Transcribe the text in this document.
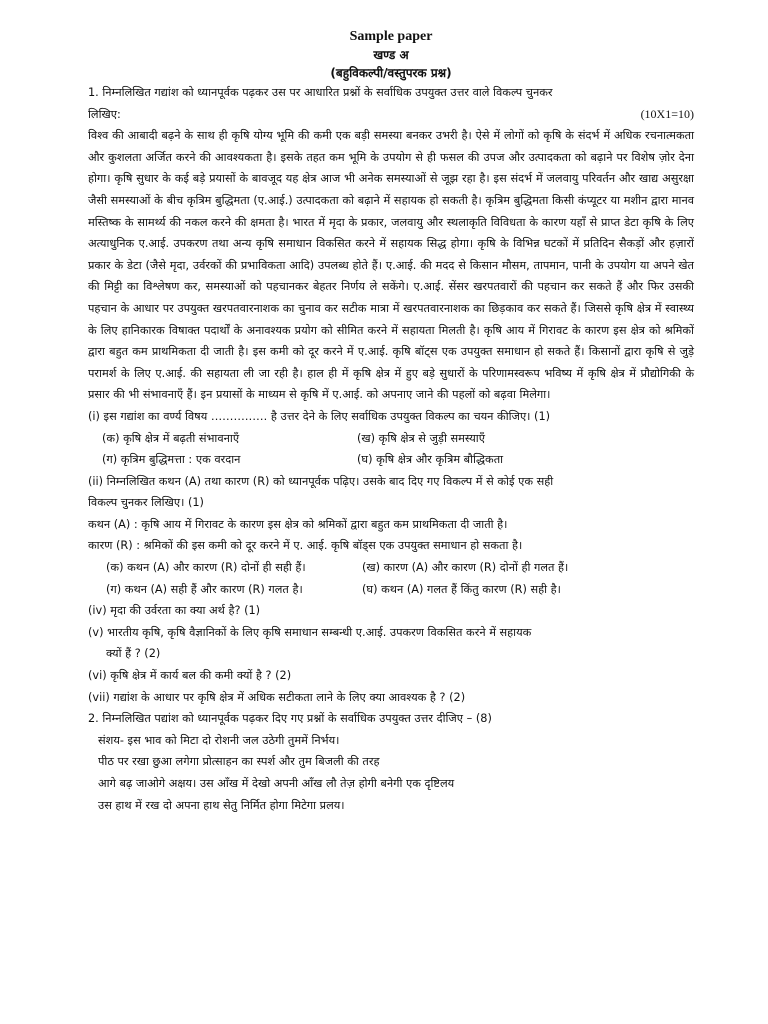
Sample paper
खण्ड अ
(बहुविकल्पी/वस्तुपरक प्रश्न)
1. निम्नलिखित गद्यांश को ध्यानपूर्वक पढ़कर उस पर आधारित प्रश्नों के सर्वाधिक उपयुक्त उत्तर वाले विकल्प चुनकर
लिखिए:	(10X1=10)

विश्व की आबादी बढ़ने के साथ ही कृषि योग्य भूमि की कमी एक बड़ी समस्या बनकर उभरी है। ऐसे में लोगों को कृषि के संदर्भ में अधिक रचनात्मकता और कुशलता अर्जित करने की आवश्यकता है। इसके तहत कम भूमि के उपयोग से ही फसल की उपज और उत्पादकता को बढ़ाने पर विशेष ज़ोर देना होगा। कृषि सुधार के कई बड़े प्रयासों के बावजूद यह क्षेत्र आज भी अनेक समस्याओं से जूझ रहा है। इस संदर्भ में जलवायु परिवर्तन और खाद्य असुरक्षा जैसी समस्याओं के बीच कृत्रिम बुद्धिमता (ए.आई.) उत्पादकता को बढ़ाने में सहायक हो सकती है। कृत्रिम बुद्धिमता किसी कंप्यूटर या मशीन द्वारा मानव मस्तिष्क के सामर्थ्य की नकल करने की क्षमता है। भारत में मृदा के प्रकार, जलवायु और स्थलाकृति विविधता के कारण यहाँ से प्राप्त डेटा कृषि के लिए अत्याधुनिक ए.आई. उपकरण तथा अन्य कृषि समाधान विकसित करने में सहायक सिद्ध होगा। कृषि के विभिन्न घटकों में प्रतिदिन सैकड़ों और हज़ारों प्रकार के डेटा (जैसे मृदा, उर्वरकों की प्रभाविकता आदि) उपलब्ध होते हैं। ए.आई. की मदद से किसान मौसम, तापमान, पानी के उपयोग या अपने खेत की मिट्टी का विश्लेषण कर, समस्याओं को पहचानकर बेहतर निर्णय ले सकेंगे। ए.आई. सेंसर खरपतवारों की पहचान कर सकते हैं और फिर उसकी पहचान के आधार पर उपयुक्त खरपतवारनाशक का चुनाव कर सटीक मात्रा में खरपतवारनाशक का छिड़काव कर सकते हैं। जिससे कृषि क्षेत्र में स्वास्थ्य के लिए हानिकारक विषाक्त पदार्थों के अनावश्यक प्रयोग को सीमित करने में सहायता मिलती है। कृषि आय में गिरावट के कारण इस क्षेत्र को श्रमिकों द्वारा बहुत कम प्राथमिकता दी जाती है। इस कमी को दूर करने में ए.आई. कृषि बॉट्स एक उपयुक्त समाधान हो सकते हैं। किसानों द्वारा कृषि से जुड़े परामर्श के लिए ए.आई. की सहायता ली जा रही है। हाल ही में कृषि क्षेत्र में हुए बड़े सुधारों के परिणामस्वरूप भविष्य में कृषि क्षेत्र में प्रौद्योगिकी के प्रसार की भी संभावनाएँ हैं। इन प्रयासों के माध्यम से कृषि में ए.आई. को अपनाए जाने की पहलों को बढ़वा मिलेगा।

(i) इस गद्यांश का वर्ण्य विषय …………… है उत्तर देने के लिए सर्वाधिक उपयुक्त विकल्प का चयन कीजिए। (1)
(क) कृषि क्षेत्र में बढ़ती संभावनाएँ	(ख) कृषि क्षेत्र से जुड़ी समस्याएँ
(ग) कृत्रिम बुद्धिमत्ता : एक वरदान	(घ) कृषि क्षेत्र और कृत्रिम बौद्धिकता
(ii) निम्नलिखित कथन (A) तथा कारण (R) को ध्यानपूर्वक पढ़िए। उसके बाद दिए गए विकल्प में से कोई एक सही
विकल्प चुनकर लिखिए। (1)
कथन (A) : कृषि आय में गिरावट के कारण इस क्षेत्र को श्रमिकों द्वारा बहुत कम प्राथमिकता दी जाती है।
कारण (R) : श्रमिकों की इस कमी को दूर करने में ए. आई. कृषि बॉड्स एक उपयुक्त समाधान हो सकता है।
(क) कथन (A) और कारण (R) दोनों ही सही हैं।	(ख) कारण (A) और कारण (R) दोनों ही गलत हैं।
(ग) कथन (A) सही हैं और कारण (R) गलत है।	(घ) कथन (A) गलत हैं किंतु कारण (R) सही है।
(iv) मृदा की उर्वरता का क्या अर्थ है? (1)
(v) भारतीय कृषि, कृषि वैज्ञानिकों के लिए कृषि समाधान सम्बन्धी ए.आई. उपकरण विकसित करने में सहायक
क्यों हैं ? (2)
(vi) कृषि क्षेत्र में कार्य बल की कमी क्यों है ? (2)
(vii) गद्यांश के आधार पर कृषि क्षेत्र में अधिक सटीकता लाने के लिए क्या आवश्यक है ? (2)
2. निम्नलिखित पद्यांश को ध्यानपूर्वक पढ़कर दिए गए प्रश्नों के सर्वाधिक उपयुक्त उत्तर दीजिए – (8)
संशय- इस भाव को मिटा दो रोशनी जल उठेगी तुममें निर्भय।
पीठ पर रखा छुआ लगेगा प्रोत्साहन का स्पर्श और तुम बिजली की तरह
आगे बढ़ जाओगे अक्षय। उस आँख में देखो अपनी आँख लौ तेज़ होगी बनेगी एक दृष्टिलय
उस हाथ में रख दो अपना हाथ सेतु निर्मित होगा मिटेगा प्रलय।
